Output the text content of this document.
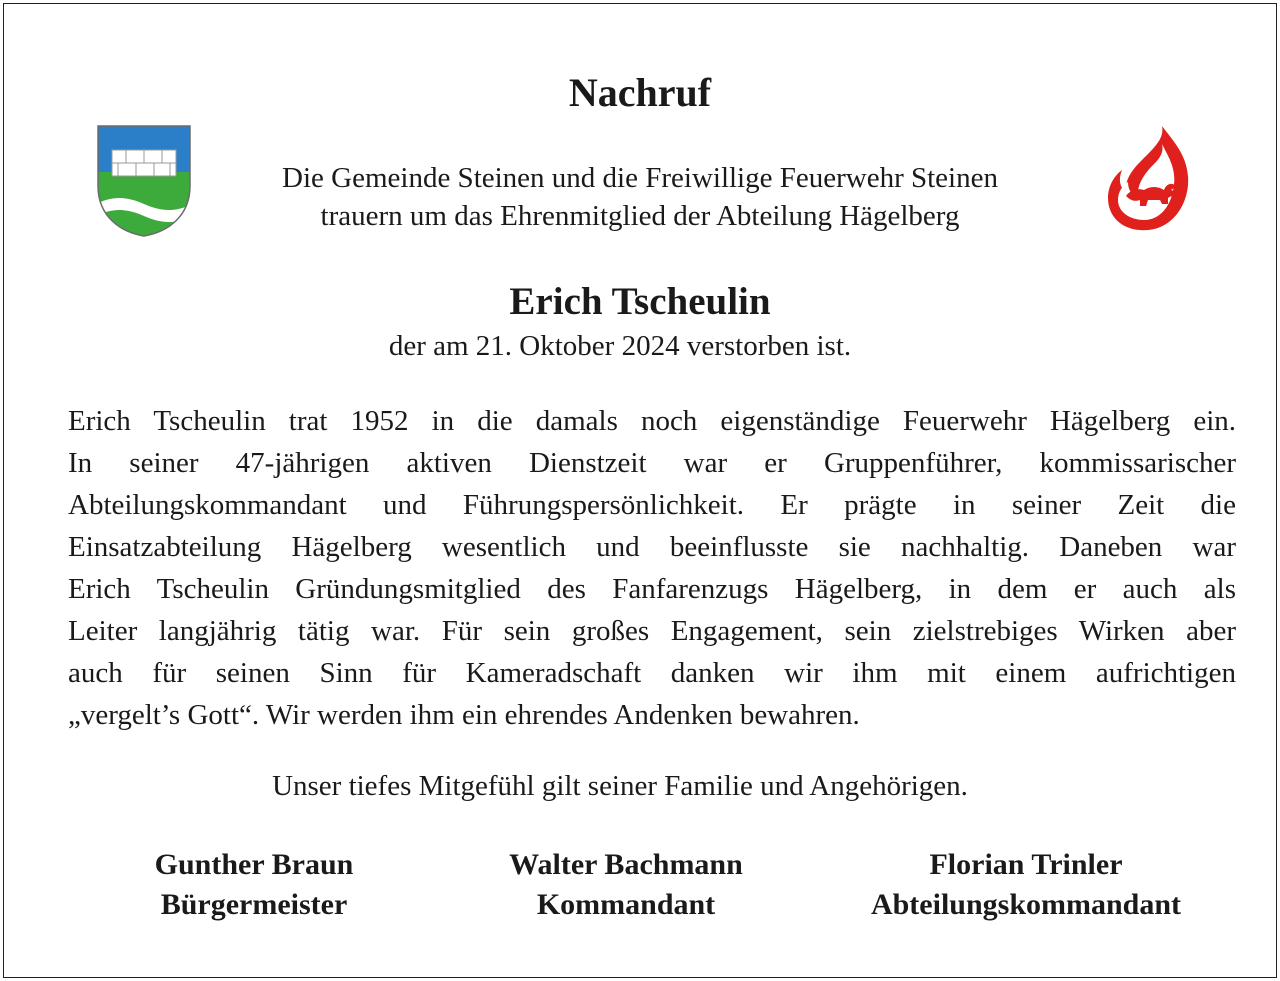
Nachruf
Die Gemeinde Steinen und die Freiwillige Feuerwehr Steinen
trauern um das Ehrenmitglied der Abteilung Hägelberg
Erich Tscheulin
der am 21. Oktober 2024 verstorben ist.
Erich Tscheulin trat 1952 in die damals noch eigenständige Feuerwehr Hägelberg ein.
In seiner 47-jährigen aktiven Dienstzeit war er Gruppenführer, kommissarischer
Abteilungskommandant und Führungspersönlichkeit. Er prägte in seiner Zeit die
Einsatzabteilung Hägelberg wesentlich und beeinflusste sie nachhaltig. Daneben war
Erich Tscheulin Gründungsmitglied des Fanfarenzugs Hägelberg, in dem er auch als
Leiter langjährig tätig war. Für sein großes Engagement, sein zielstrebiges Wirken aber
auch für seinen Sinn für Kameradschaft danken wir ihm mit einem aufrichtigen
„vergelt’s Gott“. Wir werden ihm ein ehrendes Andenken bewahren.
Unser tiefes Mitgefühl gilt seiner Familie und Angehörigen.
Gunther Braun
Bürgermeister
Walter Bachmann
Kommandant
Florian Trinler
Abteilungskommandant
